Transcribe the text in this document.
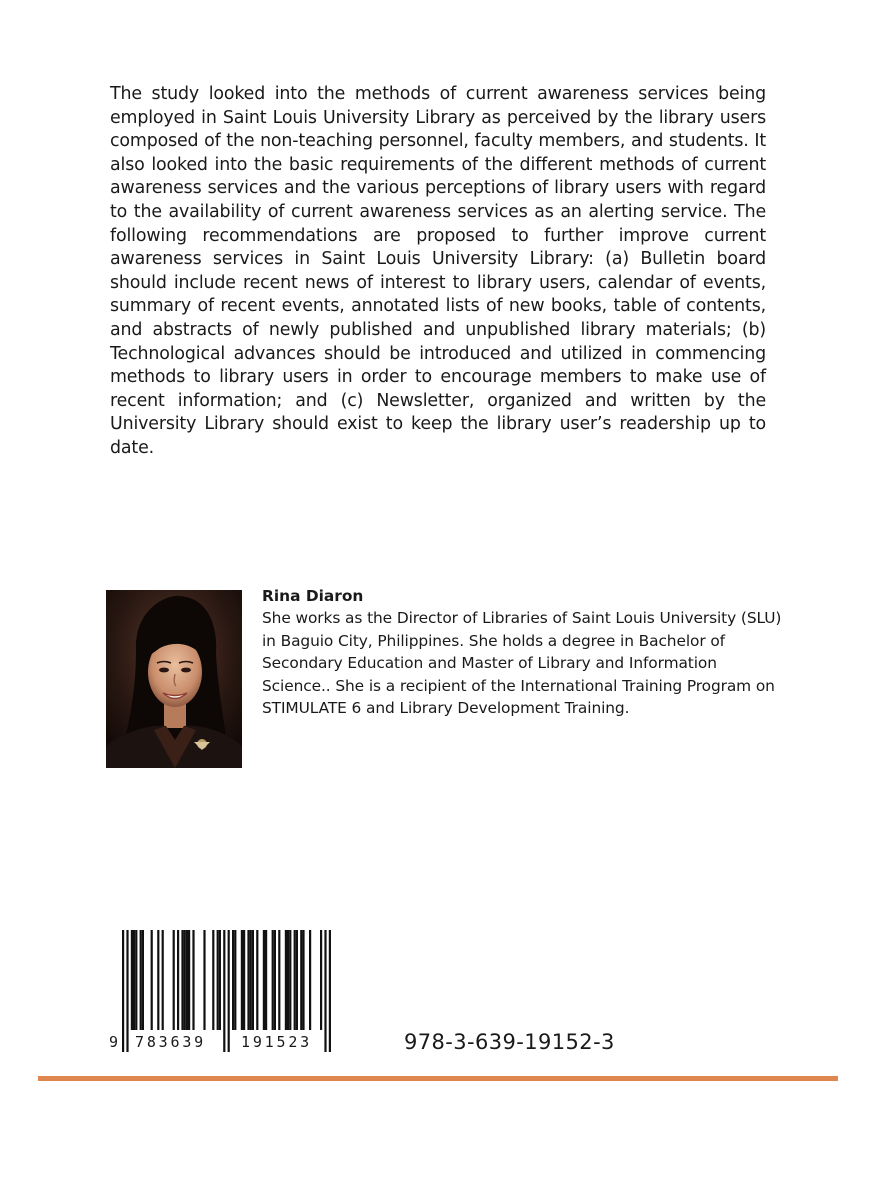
The study looked into the methods of current awareness services being employed in Saint Louis University Library as perceived by the library users composed of the non-teaching personnel, faculty members, and students. It also looked into the basic requirements of the different methods of current awareness services and the various perceptions of library users with regard to the availability of current awareness services as an alerting service. The following recommendations are proposed to further improve current awareness services in Saint Louis University Library: (a) Bulletin board should include recent news of interest to library users, calendar of events, summary of recent events, annotated lists of new books, table of contents, and abstracts of newly published and unpublished library materials; (b) Technological advances should be introduced and utilized in commencing methods to library users in order to encourage members to make use of recent information; and (c) Newsletter, organized and written by the University Library should exist to keep the library user’s readership up to date.

Rina Diaron

She works as the Director of Libraries of Saint Louis University (SLU) in Baguio City, Philippines. She holds a degree in Bachelor of Secondary Education and Master of Library and Information Science.. She is a recipient of the International Training Program on STIMULATE 6 and Library Development Training.

9 783639 191523	978-3-639-19152-3
